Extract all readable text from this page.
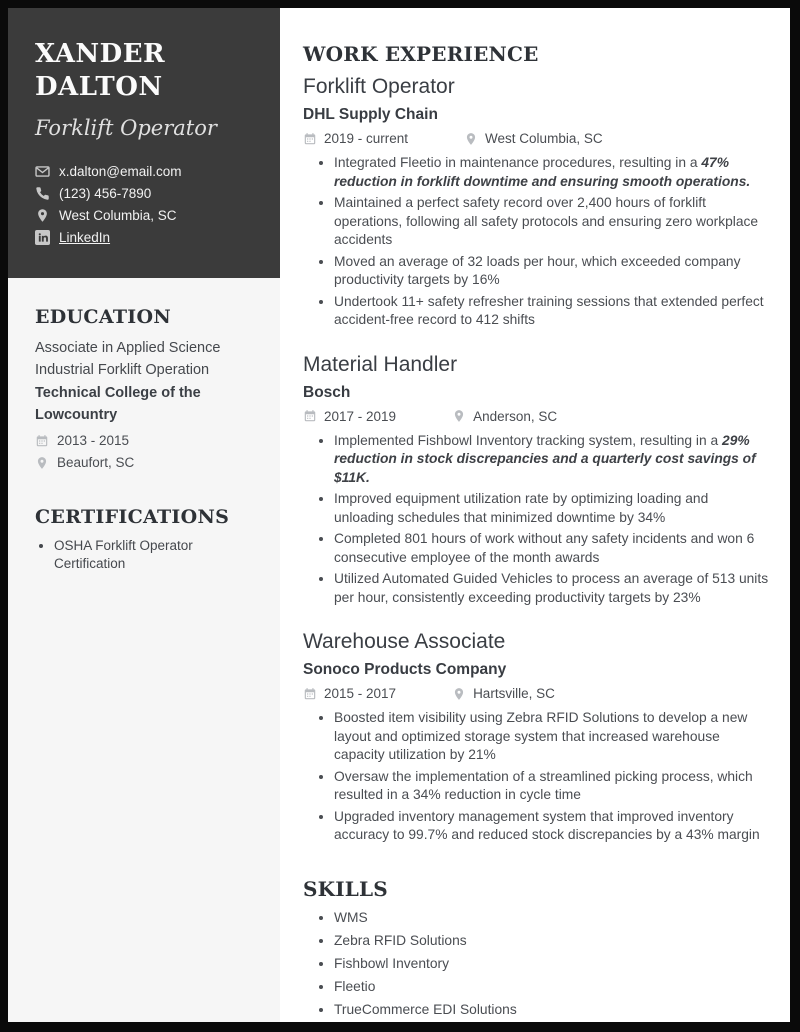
XANDER DALTON
Forklift Operator
x.dalton@email.com
(123) 456-7890
West Columbia, SC
LinkedIn
EDUCATION
Associate in Applied Science
Industrial Forklift Operation
Technical College of the Lowcountry
2013 - 2015
Beaufort, SC
CERTIFICATIONS
• OSHA Forklift Operator Certification
WORK EXPERIENCE
Forklift Operator
DHL Supply Chain
2019 - current	West Columbia, SC
• Integrated Fleetio in maintenance procedures, resulting in a 47% reduction in forklift downtime and ensuring smooth operations.
• Maintained a perfect safety record over 2,400 hours of forklift operations, following all safety protocols and ensuring zero workplace accidents
• Moved an average of 32 loads per hour, which exceeded company productivity targets by 16%
• Undertook 11+ safety refresher training sessions that extended perfect accident-free record to 412 shifts
Material Handler
Bosch
2017 - 2019	Anderson, SC
• Implemented Fishbowl Inventory tracking system, resulting in a 29% reduction in stock discrepancies and a quarterly cost savings of $11K.
• Improved equipment utilization rate by optimizing loading and unloading schedules that minimized downtime by 34%
• Completed 801 hours of work without any safety incidents and won 6 consecutive employee of the month awards
• Utilized Automated Guided Vehicles to process an average of 513 units per hour, consistently exceeding productivity targets by 23%
Warehouse Associate
Sonoco Products Company
2015 - 2017	Hartsville, SC
• Boosted item visibility using Zebra RFID Solutions to develop a new layout and optimized storage system that increased warehouse capacity utilization by 21%
• Oversaw the implementation of a streamlined picking process, which resulted in a 34% reduction in cycle time
• Upgraded inventory management system that improved inventory accuracy to 99.7% and reduced stock discrepancies by a 43% margin
SKILLS
• WMS
• Zebra RFID Solutions
• Fishbowl Inventory
• Fleetio
• TrueCommerce EDI Solutions
